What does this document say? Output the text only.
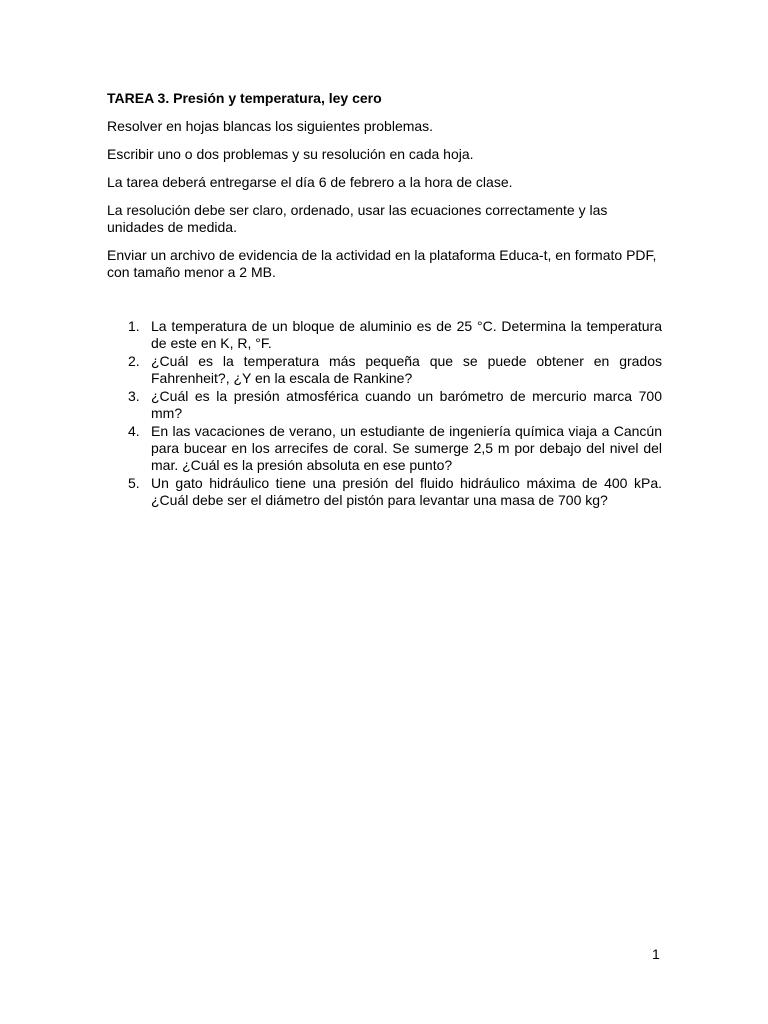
TAREA 3. Presión y temperatura, ley cero

Resolver en hojas blancas los siguientes problemas.

Escribir uno o dos problemas y su resolución en cada hoja.

La tarea deberá entregarse el día 6 de febrero a la hora de clase.

La resolución debe ser claro, ordenado, usar las ecuaciones correctamente y las unidades de medida.

Enviar un archivo de evidencia de la actividad en la plataforma Educa-t, en formato PDF, con tamaño menor a 2 MB.

1. La temperatura de un bloque de aluminio es de 25 °C. Determina la temperatura de este en K, R, °F.
2. ¿Cuál es la temperatura más pequeña que se puede obtener en grados Fahrenheit?, ¿Y en la escala de Rankine?
3. ¿Cuál es la presión atmosférica cuando un barómetro de mercurio marca 700 mm?
4. En las vacaciones de verano, un estudiante de ingeniería química viaja a Cancún para bucear en los arrecifes de coral. Se sumerge 2,5 m por debajo del nivel del mar. ¿Cuál es la presión absoluta en ese punto?
5. Un gato hidráulico tiene una presión del fluido hidráulico máxima de 400 kPa. ¿Cuál debe ser el diámetro del pistón para levantar una masa de 700 kg?
1
